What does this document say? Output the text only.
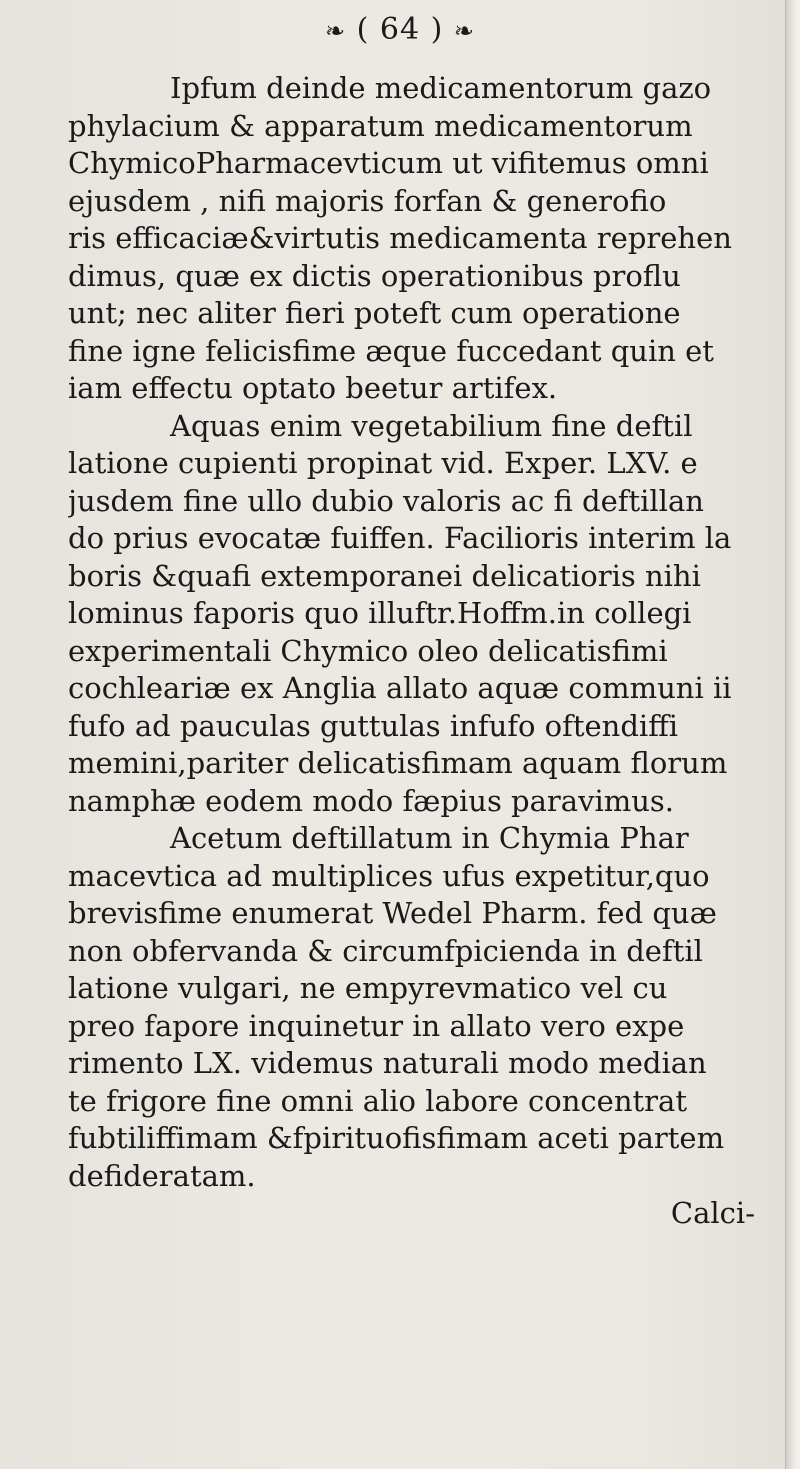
❧ ( 64 ) ❧
Ipfum deinde medicamentorum gazo
phylacium & apparatum medicamentorum
ChymicoPharmacevticum ut vifitemus omni
ejusdem , nifi majoris forfan & generofio
ris efficaciæ&virtutis medicamenta reprehen
dimus, quæ ex dictis operationibus proflu
unt; nec aliter fieri poteft cum operatione
fine igne felicisfime æque fuccedant quin et
iam effectu optato beetur artifex.
Aquas enim vegetabilium fine deftil
latione cupienti propinat vid. Exper. LXV. e
jusdem fine ullo dubio valoris ac fi deftillan
do prius evocatæ fuiffen. Facilioris interim la
boris &quafi extemporanei delicatioris nihi
lominus faporis quo illuftr.Hoffm.in collegi
experimentali Chymico oleo delicatisfimi
cochleariæ ex Anglia allato aquæ communi ii
fufo ad pauculas guttulas infufo oftendiffi
memini,pariter delicatisfimam aquam florum
namphæ eodem modo fæpius paravimus.
Acetum deftillatum in Chymia Phar
macevtica ad multiplices ufus expetitur,quo
brevisfime enumerat Wedel Pharm. fed quæ
non obfervanda & circumfpicienda in deftil
latione vulgari, ne empyrevmatico vel cu
preo fapore inquinetur in allato vero expe
rimento LX. videmus naturali modo median
te frigore fine omni alio labore concentrat
fubtiliffimam &fpirituofisfimam aceti partem
defideratam.
Calci-
